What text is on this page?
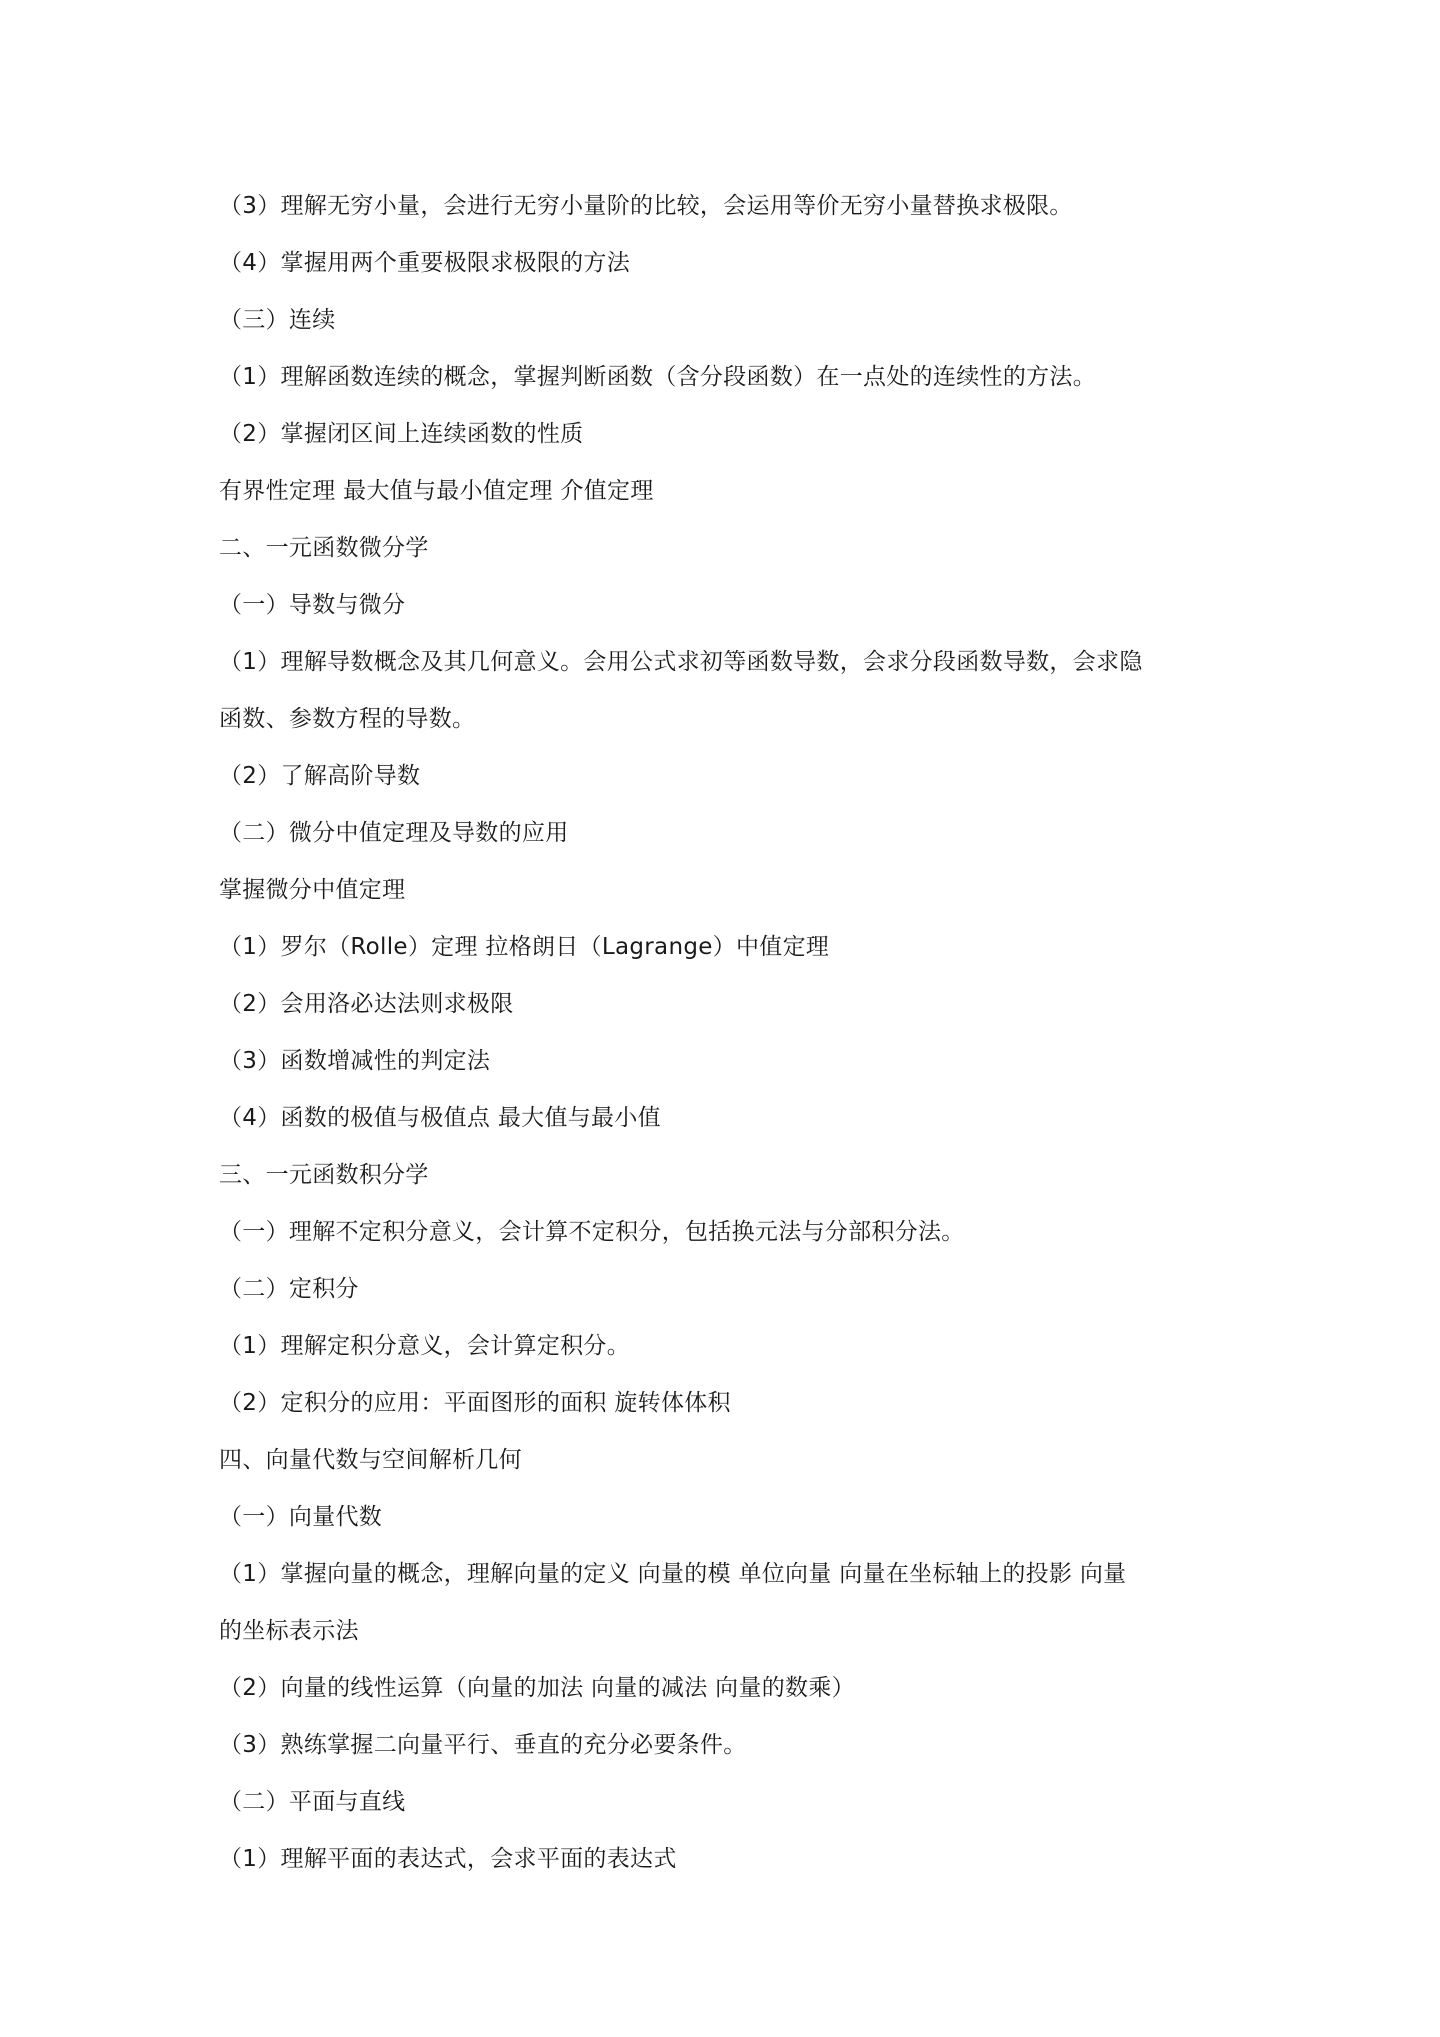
（3）理解无穷小量，会进行无穷小量阶的比较，会运用等价无穷小量替换求极限。
（4）掌握用两个重要极限求极限的方法
（三）连续
（1）理解函数连续的概念，掌握判断函数（含分段函数）在一点处的连续性的方法。
（2）掌握闭区间上连续函数的性质
有界性定理 最大值与最小值定理 介值定理
二、一元函数微分学
（一）导数与微分
（1）理解导数概念及其几何意义。会用公式求初等函数导数，会求分段函数导数，会求隐
函数、参数方程的导数。
（2）了解高阶导数
（二）微分中值定理及导数的应用
掌握微分中值定理
（1）罗尔（Rolle）定理 拉格朗日（Lagrange）中值定理
（2）会用洛必达法则求极限
（3）函数增减性的判定法
（4）函数的极值与极值点 最大值与最小值
三、一元函数积分学
（一）理解不定积分意义，会计算不定积分，包括换元法与分部积分法。
（二）定积分
（1）理解定积分意义，会计算定积分。
（2）定积分的应用：平面图形的面积 旋转体体积
四、向量代数与空间解析几何
（一）向量代数
（1）掌握向量的概念，理解向量的定义 向量的模 单位向量 向量在坐标轴上的投影 向量
的坐标表示法
（2）向量的线性运算（向量的加法 向量的减法 向量的数乘）
（3）熟练掌握二向量平行、垂直的充分必要条件。
（二）平面与直线
（1）理解平面的表达式，会求平面的表达式
